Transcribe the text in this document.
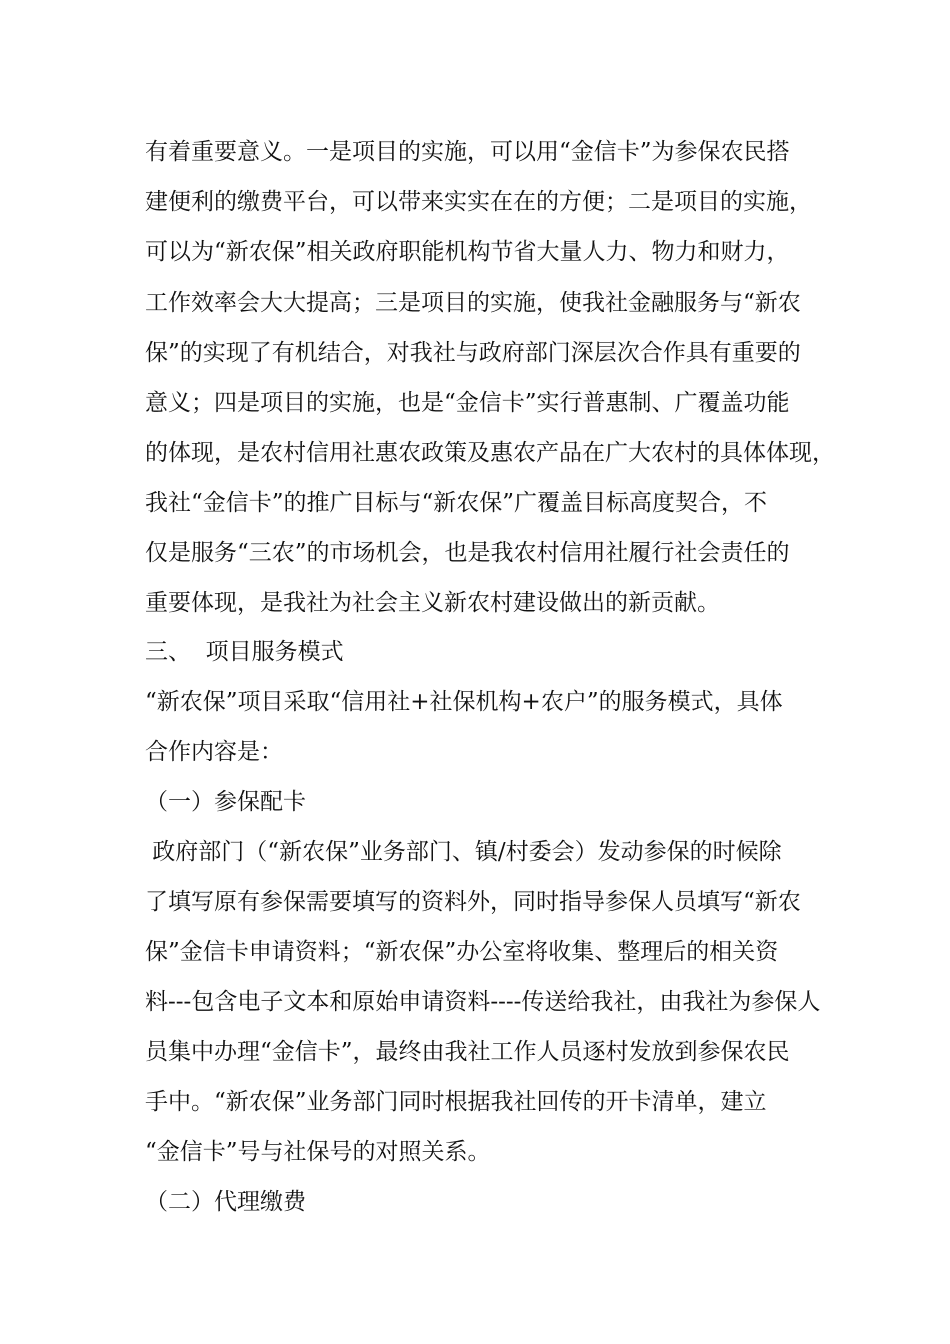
有着重要意义。一是项目的实施，可以用“金信卡”为参保农民搭
建便利的缴费平台，可以带来实实在在的方便；二是项目的实施，
可以为“新农保”相关政府职能机构节省大量人力、物力和财力，
工作效率会大大提高；三是项目的实施，使我社金融服务与“新农
保”的实现了有机结合，对我社与政府部门深层次合作具有重要的
意义；四是项目的实施，也是“金信卡”实行普惠制、广覆盖功能
的体现，是农村信用社惠农政策及惠农产品在广大农村的具体体现，
我社“金信卡”的推广目标与“新农保”广覆盖目标高度契合，不
仅是服务“三农”的市场机会，也是我农村信用社履行社会责任的
重要体现，是我社为社会主义新农村建设做出的新贡献。
三、  项目服务模式
“新农保”项目采取“信用社+社保机构+农户”的服务模式，具体
合作内容是：
（一）参保配卡
政府部门（“新农保”业务部门、镇/村委会）发动参保的时候除
了填写原有参保需要填写的资料外，同时指导参保人员填写“新农
保”金信卡申请资料；“新农保”办公室将收集、整理后的相关资
料---包含电子文本和原始申请资料----传送给我社，由我社为参保人
员集中办理“金信卡”，最终由我社工作人员逐村发放到参保农民
手中。“新农保”业务部门同时根据我社回传的开卡清单，建立
“金信卡”号与社保号的对照关系。
（二）代理缴费
